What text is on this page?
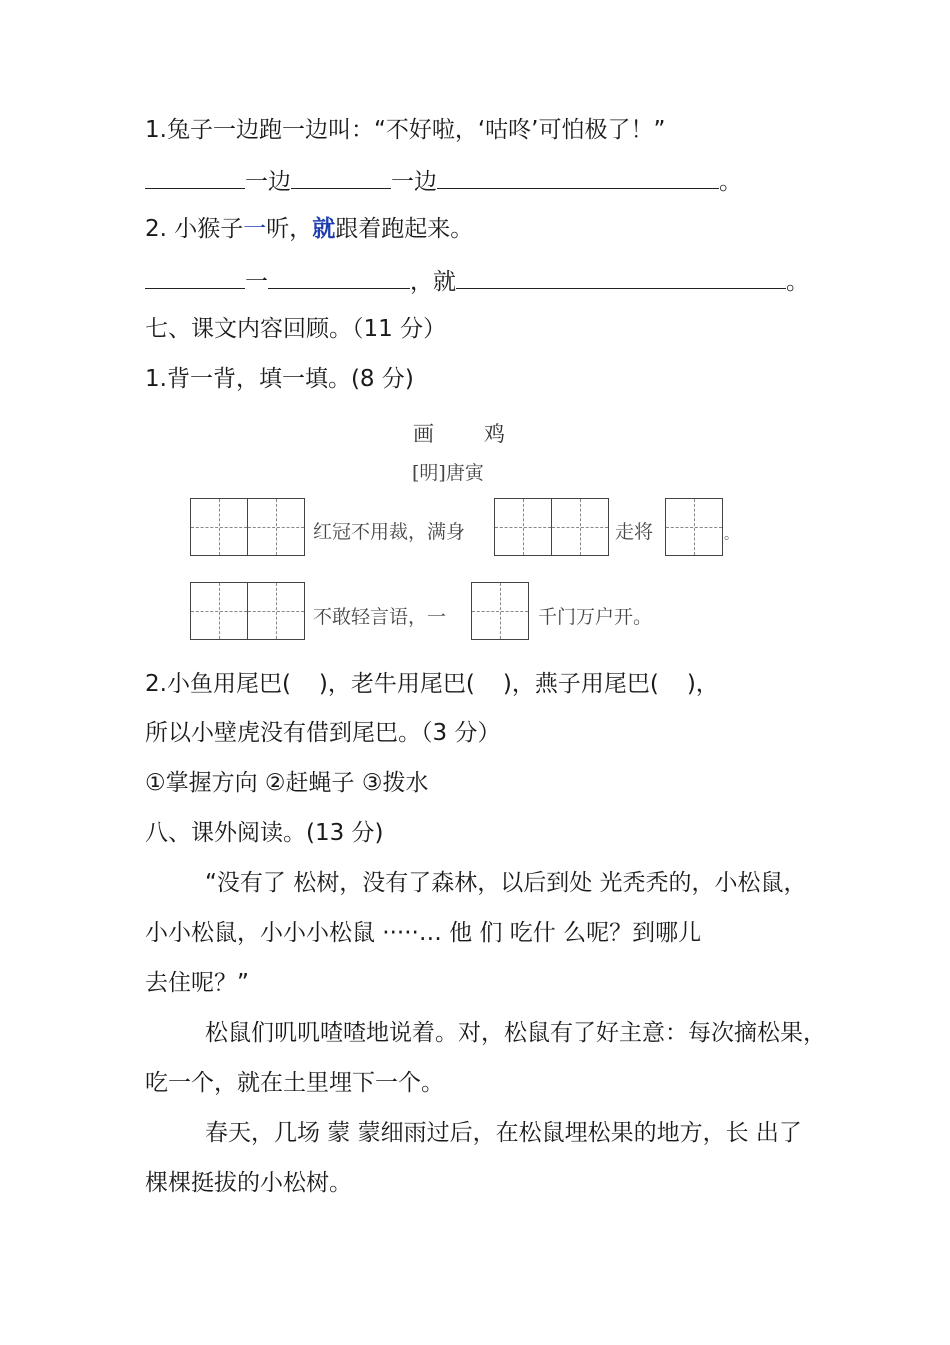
1.兔子一边跑一边叫：“不好啦，‘咕咚’可怕极了！”
一边	一边	。
2. 小猴子一听，就跟着跑起来。
一	，就	。
七、课文内容回顾。（11 分）
1.背一背，填一填。(8 分)
画 鸡
[明]唐寅
红冠不用裁，满身	走将	。
不敢轻言语，一	千门万户开。
2.小鱼用尾巴( )，老牛用尾巴( )，燕子用尾巴( )，
所以小壁虎没有借到尾巴。（3 分）
①掌握方向 ②赶蝇子 ③拨水
八、课外阅读。(13 分)
“没有了 松树，没有了森林，以后到处 光秃秃的，小松鼠，
小小松鼠，小小小松鼠 ·····… 他 们 吃什 么呢？到哪儿
去住呢？”
松鼠们叽叽喳喳地说着。对，松鼠有了好主意：每次摘松果，
吃一个，就在土里埋下一个。
春天，几场 蒙 蒙细雨过后，在松鼠埋松果的地方，长 出了
棵棵挺拔的小松树。
